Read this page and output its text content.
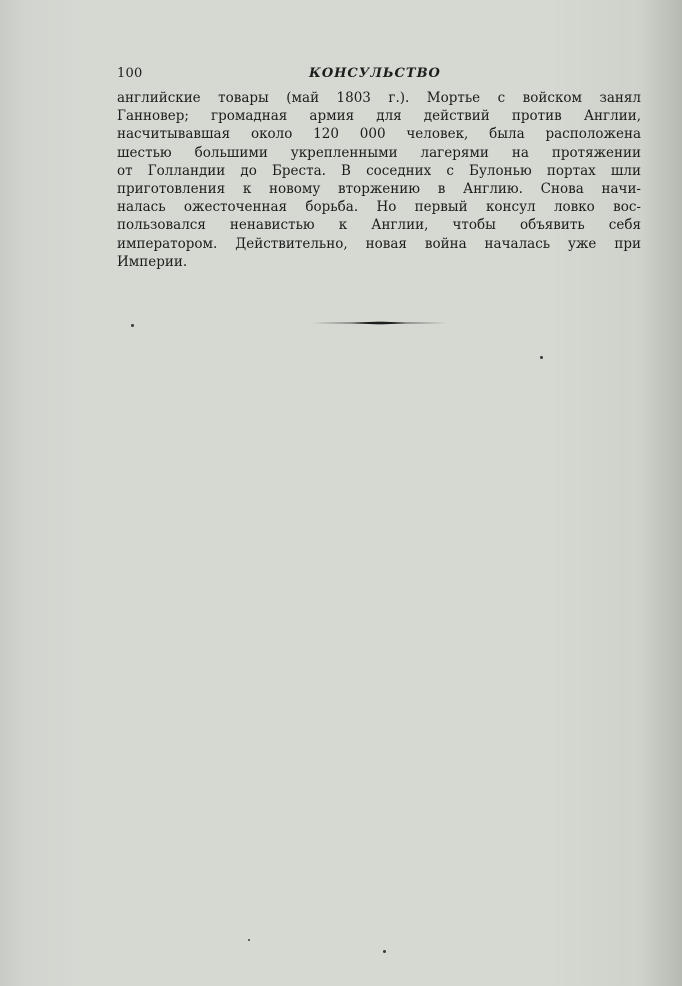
100	КОНСУЛЬСТВО
английские товары (май 1803 г.). Мортье с войском занял
Ганновер; громадная армия для действий против Англии,
насчитывавшая около 120 000 человек, была расположена
шестью большими укрепленными лагерями на протяжении
от Голландии до Бреста. В соседних с Булонью портах шли
приготовления к новому вторжению в Англию. Снова начи-
налась ожесточенная борьба. Но первый консул ловко вос-
пользовался ненавистью к Англии, чтобы объявить себя
императором. Действительно, новая война началась уже при
Империи.
